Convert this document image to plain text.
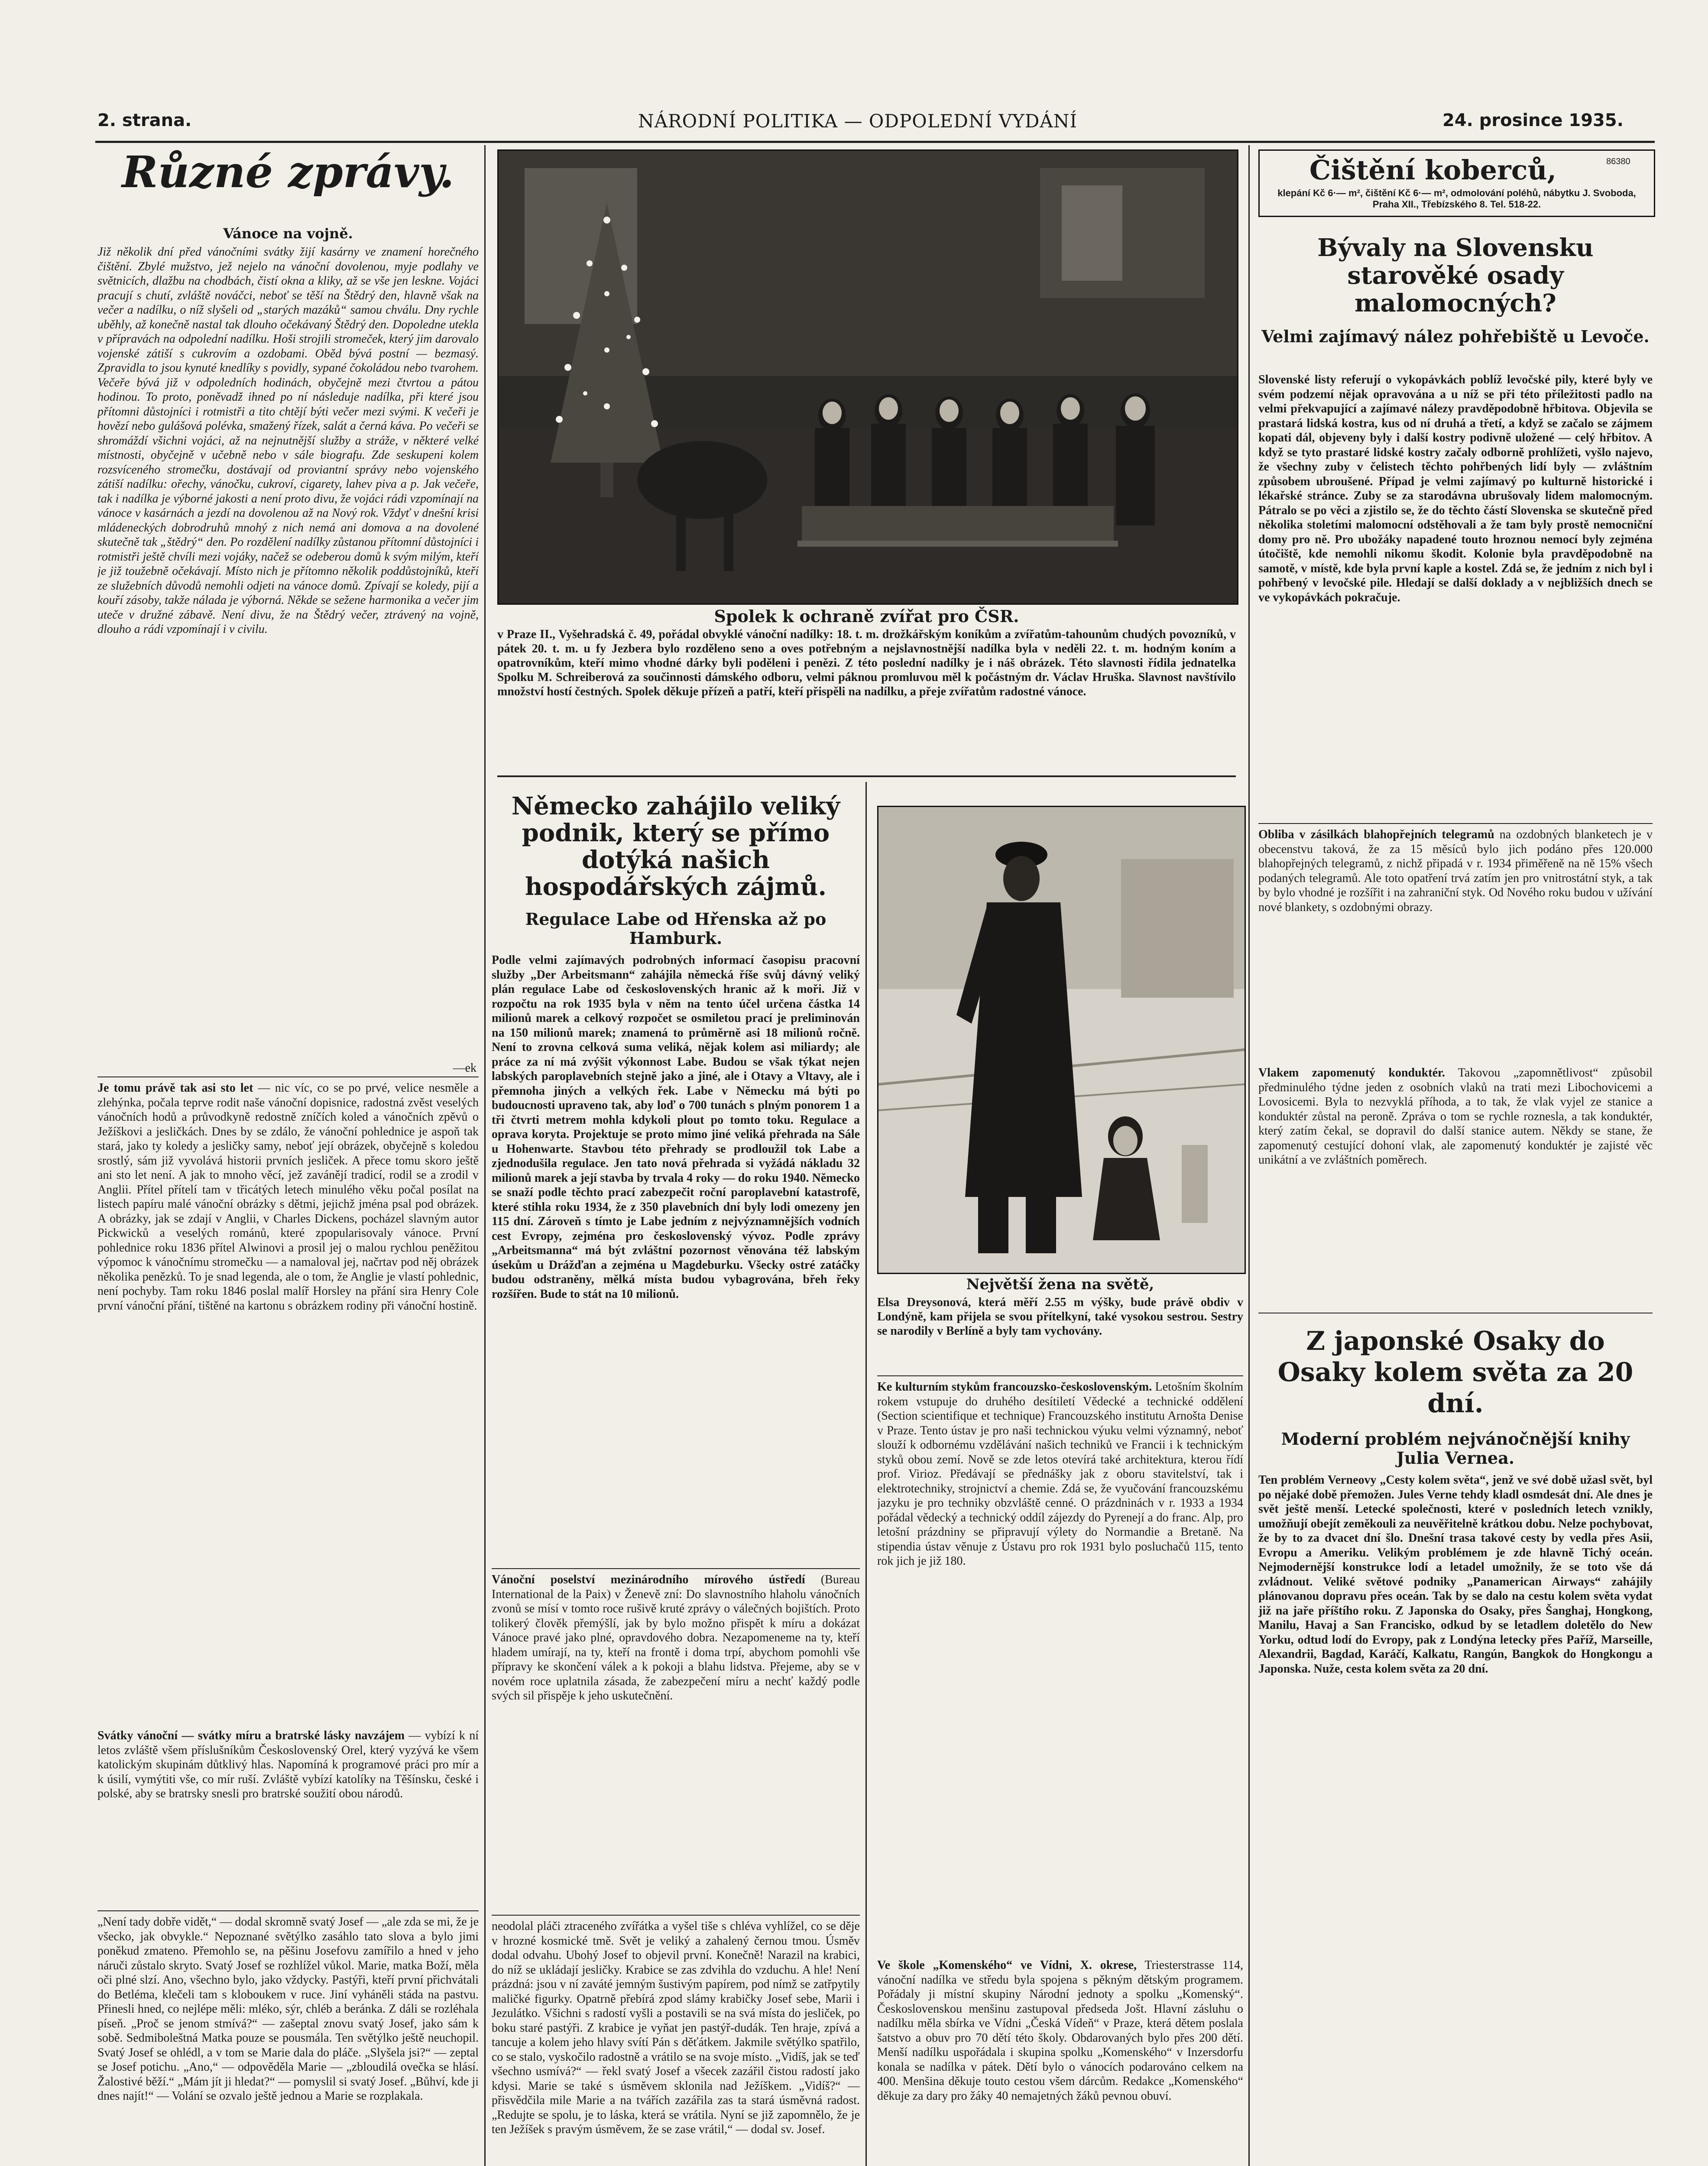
2. strana.	NÁRODNÍ POLITIKA — ODPOLEDNÍ VYDÁNÍ	24. prosince 1935.
Různé zprávy.
Vánoce na vojně.
Již několik dní před vánočními svátky žijí kasárny ve znamení horečného čištění. Zbylé mužstvo, jež nejelo na vánoční dovolenou, myje podlahy ve světnicích, dlažbu na chodbách, čistí okna a kliky, až se vše jen leskne. Vojáci pracují s chutí, zvláště nováčci, neboť se těší na Štědrý den, hlavně však na večer a nadílku, o níž slyšeli od „starých mazáků“ samou chválu. Dny rychle uběhly, až konečně nastal tak dlouho očekávaný Štědrý den. Dopoledne utekla v přípravách na odpolední nadílku. Hoši strojili stromeček, který jim darovalo vojenské zátiší s cukrovím a ozdobami. Oběd bývá postní — bezmasý. Zpravidla to jsou kynuté knedlíky s povidly, sypané čokoládou nebo tvarohem. Večeře bývá již v odpoledních hodinách, obyčejně mezi čtvrtou a pátou hodinou. To proto, poněvadž ihned po ní následuje nadílka, při které jsou přítomni důstojníci i rotmistři a tito chtějí býti večer mezi svými. K večeři je hovězí nebo gulášová polévka, smažený řízek, salát a černá káva. Po večeři se shromáždí všichni vojáci, až na nejnutnější služby a stráže, v některé velké místnosti, obyčejně v učebně nebo v sále biografu. Zde seskupeni kolem rozsvíceného stromečku, dostávají od proviantní správy nebo vojenského zátiší nadílku: ořechy, vánočku, cukroví, cigarety, lahev piva a p. Jak večeře, tak i nadílka je výborné jakosti a není proto divu, že vojáci rádi vzpomínají na vánoce v kasárnách a jezdí na dovolenou až na Nový rok. Vždyť v dnešní krisi mládeneckých dobrodruhů mnohý z nich nemá ani domova a na dovolené skutečně tak „štědrý“ den. Po rozdělení nadílky zůstanou přítomní důstojníci i rotmistři ještě chvíli mezi vojáky, načež se odeberou domů k svým milým, kteří je již toužebně očekávají. Místo nich je přítomno několik poddůstojníků, kteří ze služebních důvodů nemohli odjeti na vánoce domů. Zpívají se koledy, pijí a kouří zásoby, takže nálada je výborná. Někde se sežene harmonika a večer jim uteče v družné zábavě. Není divu, že na Štědrý večer, ztrávený na vojně, dlouho a rádi vzpomínají i v civilu.
—ek
Je tomu právě tak asi sto let — nic víc, co se po prvé, velice nesměle a zlehýnka, počala teprve rodit naše vánoční dopisnice, radostná zvěst veselých vánočních hodů a průvodkyně redostně zníčích koled a vánočních zpěvů o Ježíškovi a jesličkách. Dnes by se zdálo, že vánoční pohlednice je aspoň tak stará, jako ty koledy a jesličky samy, neboť její obrázek, obyčejně s koledou srostlý, sám již vyvolává historii prvních jesliček. A přece tomu skoro ještě ani sto let není. A jak to mnoho věcí, jež zavánějí tradicí, rodil se a zrodil v Anglii. Přítel přítelí tam v třicátých letech minulého věku počal posílat na listech papíru malé vánoční obrázky s dětmi, jejichž jména psal pod obrázek. A obrázky, jak se zdají v Anglii, v Charles Dickens, pocházel slavným autor Pickwicků a veselých románů, které zpopularisovaly vánoce. První pohlednice roku 1836 přítel Alwinovi a prosil jej o malou rychlou peněžitou výpomoc k vánočnímu stromečku — a namaloval jej, načrtav pod něj obrázek několika penězků. To je snad legenda, ale o tom, že Anglie je vlastí pohlednic, není pochyby. Tam roku 1846 poslal malíř Horsley na přání sira Henry Cole první vánoční přání, tištěné na kartonu s obrázkem rodiny při vánoční hostině.
Svátky vánoční — svátky míru a bratrské lásky navzájem — vybízí k ní letos zvláště všem příslušníkům Československý Orel, který vyzývá ke všem katolickým skupinám důtklivý hlas. Napomíná k programové práci pro mír a k úsilí, vymýtiti vše, co mír ruší. Zvláště vybízí katolíky na Těšínsku, české i polské, aby se bratrsky snesli pro bratrské soužití obou národů.
„Není tady dobře vidět,“ — dodal skromně svatý Josef — „ale zda se mi, že je všecko, jak obvykle.“ Nepoznané světýlko zasáhlo tato slova a bylo jimi poněkud zmateno. Přemohlo se, na pěšinu Josefovu zamířilo a hned v jeho náruči zůstalo skryto. Svatý Josef se rozhlížel vůkol. Marie, matka Boží, měla oči plné slzí. Ano, všechno bylo, jako vždycky. Pastýři, kteří první přichvátali do Betléma, klečeli tam s kloboukem v ruce. Jiní vyháněli stáda na pastvu. Přinesli hned, co nejlépe měli: mléko, sýr, chléb a beránka. Z dáli se rozléhala píseň. „Proč se jenom stmívá?“ — zašeptal znovu svatý Josef, jako sám k sobě. Sedmiboleštná Matka pouze se pousmála. Ten světýlko ještě neuchopil. Svatý Josef se ohlédl, a v tom se Marie dala do pláče. „Slyšela jsi?“ — zeptal se Josef potichu. „Ano,“ — odpověděla Marie — „zbloudilá ovečka se hlásí. Žalostivé běží.“ „Mám jít ji hledat?“ — pomyslil si svatý Josef. „Bůhví, kde ji dnes najít!“ — Volání se ozvalo ještě jednou a Marie se rozplakala.
Spolek k ochraně zvířat pro ČSR.
v Praze II., Vyšehradská č. 49, pořádal obvyklé vánoční nadílky: 18. t. m. drožkářským koníkům a zvířatům-tahounům chudých povozníků, v pátek 20. t. m. u fy Jezbera bylo rozděleno seno a oves potřebným a nejslavnostnější nadílka byla v neděli 22. t. m. hodným koním a opatrovníkům, kteří mimo vhodné dárky byli poděleni i penězi. Z této poslední nadílky je i náš obrázek. Této slavnosti řídila jednatelka Spolku M. Schreiberová za součinnosti dámského odboru, velmi páknou promluvou měl k počástným dr. Václav Hruška. Slavnost navštívilo množství hostí čestných. Spolek děkuje přízeň a patří, kteří přispěli na nadílku, a přeje zvířatům radostné vánoce.
Německo zahájilo veliký podnik, který se přímo dotýká našich hospodářských zájmů.
Regulace Labe od Hřenska až po Hamburk.
Podle velmi zajímavých podrobných informací časopisu pracovní služby „Der Arbeitsmann“ zahájila německá říše svůj dávný veliký plán regulace Labe od československých hranic až k moři. Již v rozpočtu na rok 1935 byla v něm na tento účel určena částka 14 milionů marek a celkový rozpočet se osmiletou prací je preliminován na 150 milionů marek; znamená to průměrně asi 18 milionů ročně. Není to zrovna celková suma veliká, nějak kolem asi miliardy; ale práce za ní má zvýšit výkonnost Labe. Budou se však týkat nejen labských paroplavebních stejně jako a jiné, ale i Otavy a Vltavy, ale i přemnoha jiných a velkých řek. Labe v Německu má býti po budoucnosti upraveno tak, aby loď o 700 tunách s plným ponorem 1 a tři čtvrti metrem mohla kdykoli plout po tomto toku. Regulace a oprava koryta. Projektuje se proto mimo jiné veliká přehrada na Sále u Hohenwarte. Stavbou této přehrady se prodloužil tok Labe a zjednodušila regulace. Jen tato nová přehrada si vyžádá nákladu 32 milionů marek a její stavba by trvala 4 roky — do roku 1940. Německo se snaží podle těchto prací zabezpečit roční paroplavební katastrofě, které stihla roku 1934, že z 350 plavebních dní byly lodi omezeny jen 115 dní. Zároveň s tímto je Labe jedním z nejvýznamnějších vodních cest Evropy, zejména pro československý vývoz. Podle zprávy „Arbeitsmanna“ má být zvláštní pozornost věnována též labským úsekům u Drážďan a zejména u Magdeburku. Všecky ostré zatáčky budou odstraněny, mělká místa budou vybagrována, břeh řeky rozšířen. Bude to stát na 10 milionů.
Vánoční poselství mezinárodního mírového ústředí (Bureau International de la Paix) v Ženevě zní: Do slavnostního hlaholu vánočních zvonů se mísí v tomto roce rušivě kruté zprávy o válečných bojištích. Proto tolikerý člověk přemýšlí, jak by bylo možno přispět k míru a dokázat Vánoce pravé jako plné, opravdového dobra. Nezapomeneme na ty, kteří hladem umírají, na ty, kteří na frontě i doma trpí, abychom pomohli vše přípravy ke skončení válek a k pokoji a blahu lidstva. Přejeme, aby se v novém roce uplatnila zásada, že zabezpečení míru a nechť každý podle svých sil přispěje k jeho uskutečnění.
neodolal pláči ztraceného zvířátka a vyšel tiše s chléva vyhlížel, co se děje v hrozné kosmické tmě. Svět je veliký a zahalený černou tmou. Úsměv dodal odvahu. Ubohý Josef to objevil první. Konečně! Narazil na krabici, do níž se ukládají jesličky. Krabice se zas zdvihla do vzduchu. A hle! Není prázdná: jsou v ní zaváté jemným šustivým papírem, pod nímž se zatřpytily maličké figurky. Opatrně přebírá zpod slámy krabičky Josef sebe, Marii i Jezulátko. Všichni s radostí vyšli a postavili se na svá místa do jesliček, po boku staré pastýři. Z krabice je vyňat jen pastýř-dudák. Ten hraje, zpívá a tancuje a kolem jeho hlavy svítí Pán s děťátkem. Jakmile světýlko spatřilo, co se stalo, vyskočilo radostně a vrátilo se na svoje místo. „Vidíš, jak se teď všechno usmívá?“ — řekl svatý Josef a všecek zazářil čistou radostí jako kdysi. Marie se také s úsměvem sklonila nad Ježíškem. „Vidíš?“ — přisvědčila mile Marie a na tvářích zazářila zas ta stará úsměvná radost. „Redujte se spolu, je to láska, která se vrátila. Nyní se již zapomnělo, že je ten Ježíšek s pravým úsměvem, že se zase vrátil,“ — dodal sv. Josef.
Největší žena na světě,
Elsa Dreysonová, která měří 2.55 m výšky, bude právě obdiv v Londýně, kam přijela se svou přítelkyní, také vysokou sestrou. Sestry se narodily v Berlíně a byly tam vychovány.
Ke kulturním stykům francouzsko-československým. Letošním školním rokem vstupuje do druhého desítiletí Vědecké a technické oddělení (Section scientifique et technique) Francouzského institutu Arnošta Denise v Praze. Tento ústav je pro naši technickou výuku velmi významný, neboť slouží k odbornému vzdělávání našich techniků ve Francii i k technickým styků obou zemí. Nově se zde letos otevírá také architektura, kterou řídí prof. Virioz. Předávají se přednášky jak z oboru stavitelství, tak i elektrotechniky, strojnictví a chemie. Zdá se, že vyučování francouzskému jazyku je pro techniky obzvláště cenné. O prázdninách v r. 1933 a 1934 pořádal vědecký a technický oddíl zájezdy do Pyrenejí a do franc. Alp, pro letošní prázdniny se připravují výlety do Normandie a Bretaně. Na stipendia ústav věnuje z Ústavu pro rok 1931 bylo posluchačů 115, tento rok jich je již 180.
Ve škole „Komenského“ ve Vídni, X. okrese, Triesterstrasse 114, vánoční nadílka ve středu byla spojena s pěkným dětským programem. Pořádaly ji místní skupiny Národní jednoty a spolku „Komenský“. Československou menšinu zastupoval předseda Jošt. Hlavní zásluhu o nadílku měla sbírka ve Vídni „Česká Vídeň“ v Praze, která dětem poslala šatstvo a obuv pro 70 dětí této školy. Obdarovaných bylo přes 200 dětí. Menší nadílku uspořádala i skupina spolku „Komenského“ v Inzersdorfu konala se nadílka v pátek. Dětí bylo o vánocích podarováno celkem na 400. Menšina děkuje touto cestou všem dárcům. Redakce „Komenského“ děkuje za dary pro žáky 40 nemajetných žáků pevnou obuví.
Čištění koberců,	86380
klepání Kč 6·— m², čištění Kč 6·— m², odmolování poléhů, nábytku J. Svoboda, Praha XII., Třebízského 8. Tel. 518-22.
Bývaly na Slovensku starověké osady malomocných?
Velmi zajímavý nález pohřebiště u Levoče.
Slovenské listy referují o vykopávkách poblíž levočské pily, které byly ve svém podzemí nějak opravována a u níž se při této příležitosti padlo na velmi překvapující a zajímavé nálezy pravděpodobně hřbitova. Objevila se prastará lidská kostra, kus od ní druhá a třetí, a když se začalo se zájmem kopati dál, objeveny byly i další kostry podivně uložené — celý hřbitov. A když se tyto prastaré lidské kostry začaly odborně prohlížeti, vyšlo najevo, že všechny zuby v čelistech těchto pohřbených lidí byly — zvláštním způsobem ubroušené. Případ je velmi zajímavý po kulturně historické i lékařské stránce. Zuby se za starodávna ubrušovaly lidem malomocným. Pátralo se po věci a zjistilo se, že do těchto částí Slovenska se skutečně před několika stoletími malomocní odstěhovali a že tam byly prostě nemocniční domy pro ně. Pro ubožáky napadené touto hroznou nemocí byly zejména útočiště, kde nemohli nikomu škodit. Kolonie byla pravděpodobně na samotě, v místě, kde byla první kaple a kostel. Zdá se, že jedním z nich byl i pohřbený v levočské pile. Hledají se další doklady a v nejbližších dnech se ve vykopávkách pokračuje.
Obliba v zásilkách blahopřejních telegramů na ozdobných blanketech je v obecenstvu taková, že za 15 měsíců bylo jich podáno přes 120.000 blahopřejných telegramů, z nichž připadá v r. 1934 přiměřeně na ně 15% všech podaných telegramů. Ale toto opatření trvá zatím jen pro vnitrostátní styk, a tak by bylo vhodné je rozšířit i na zahraniční styk. Od Nového roku budou v užívání nové blankety, s ozdobnými obrazy.
Vlakem zapomenutý konduktér. Takovou „zapomnětlivost“ způsobil předminulého týdne jeden z osobních vlaků na trati mezi Libochovicemi a Lovosicemi. Byla to nezvyklá příhoda, a to tak, že vlak vyjel ze stanice a konduktér zůstal na peroně. Zpráva o tom se rychle roznesla, a tak konduktér, který zatím čekal, se dopravil do další stanice autem. Někdy se stane, že zapomenutý cestující dohoní vlak, ale zapomenutý konduktér je zajisté věc unikátní a ve zvláštních poměrech.
Z japonské Osaky do Osaky kolem světa za 20 dní.
Moderní problém nejvánočnější knihy Julia Vernea.
Ten problém Verneovy „Cesty kolem světa“, jenž ve své době užasl svět, byl po nějaké době přemožen. Jules Verne tehdy kladl osmdesát dní. Ale dnes je svět ještě menší. Letecké společnosti, které v posledních letech vznikly, umožňují obejít zeměkouli za neuvěřitelně krátkou dobu. Nelze pochybovat, že by to za dvacet dní šlo. Dnešní trasa takové cesty by vedla přes Asii, Evropu a Ameriku. Velikým problémem je zde hlavně Tichý oceán. Nejmodernější konstrukce lodí a letadel umožnily, že se toto vše dá zvládnout. Veliké světové podniky „Panamerican Airways“ zahájily plánovanou dopravu přes oceán. Tak by se dalo na cestu kolem světa vydat již na jaře příštího roku. Z Japonska do Osaky, přes Šanghaj, Hongkong, Manilu, Havaj a San Francisko, odkud by se letadlem doletělo do New Yorku, odtud lodí do Evropy, pak z Londýna letecky přes Paříž, Marseille, Alexandrii, Bagdad, Karáčí, Kalkatu, Rangún, Bangkok do Hongkongu a Japonska. Nuže, cesta kolem světa za 20 dní.
